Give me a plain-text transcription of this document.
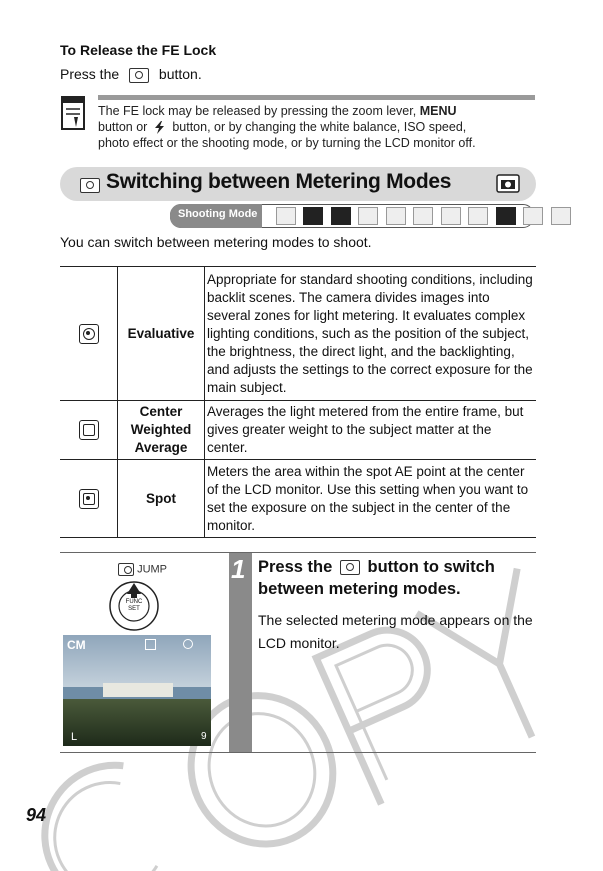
To Release the FE Lock
Press the	button.
The FE lock may be released by pressing the zoom lever, MENU
button or button, or by changing the white balance, ISO speed,
photo effect or the shooting mode, or by turning the LCD monitor off.
Switching between Metering Modes
Shooting Mode

You can switch between metering modes to shoot.
	Evaluative	Appropriate for standard shooting conditions, including backlit scenes. The camera divides images into several zones for light metering. It evaluates complex lighting conditions, such as the position of the subject, the brightness, the direct light, and the backlighting, and adjusts the settings to the correct exposure for the main subject.

	Center Weighted Average	Averages the light metered from the entire frame, but gives greater weight to the subject matter at the center.

	Spot	Meters the area within the spot AE point at the center of the LCD monitor. Use this setting when you want to set the exposure on the subject in the center of the monitor.
JUMP
FUNC SET
CM
L	9
1 Press the button to switch between metering modes.
The selected metering mode appears on the LCD monitor.
94
